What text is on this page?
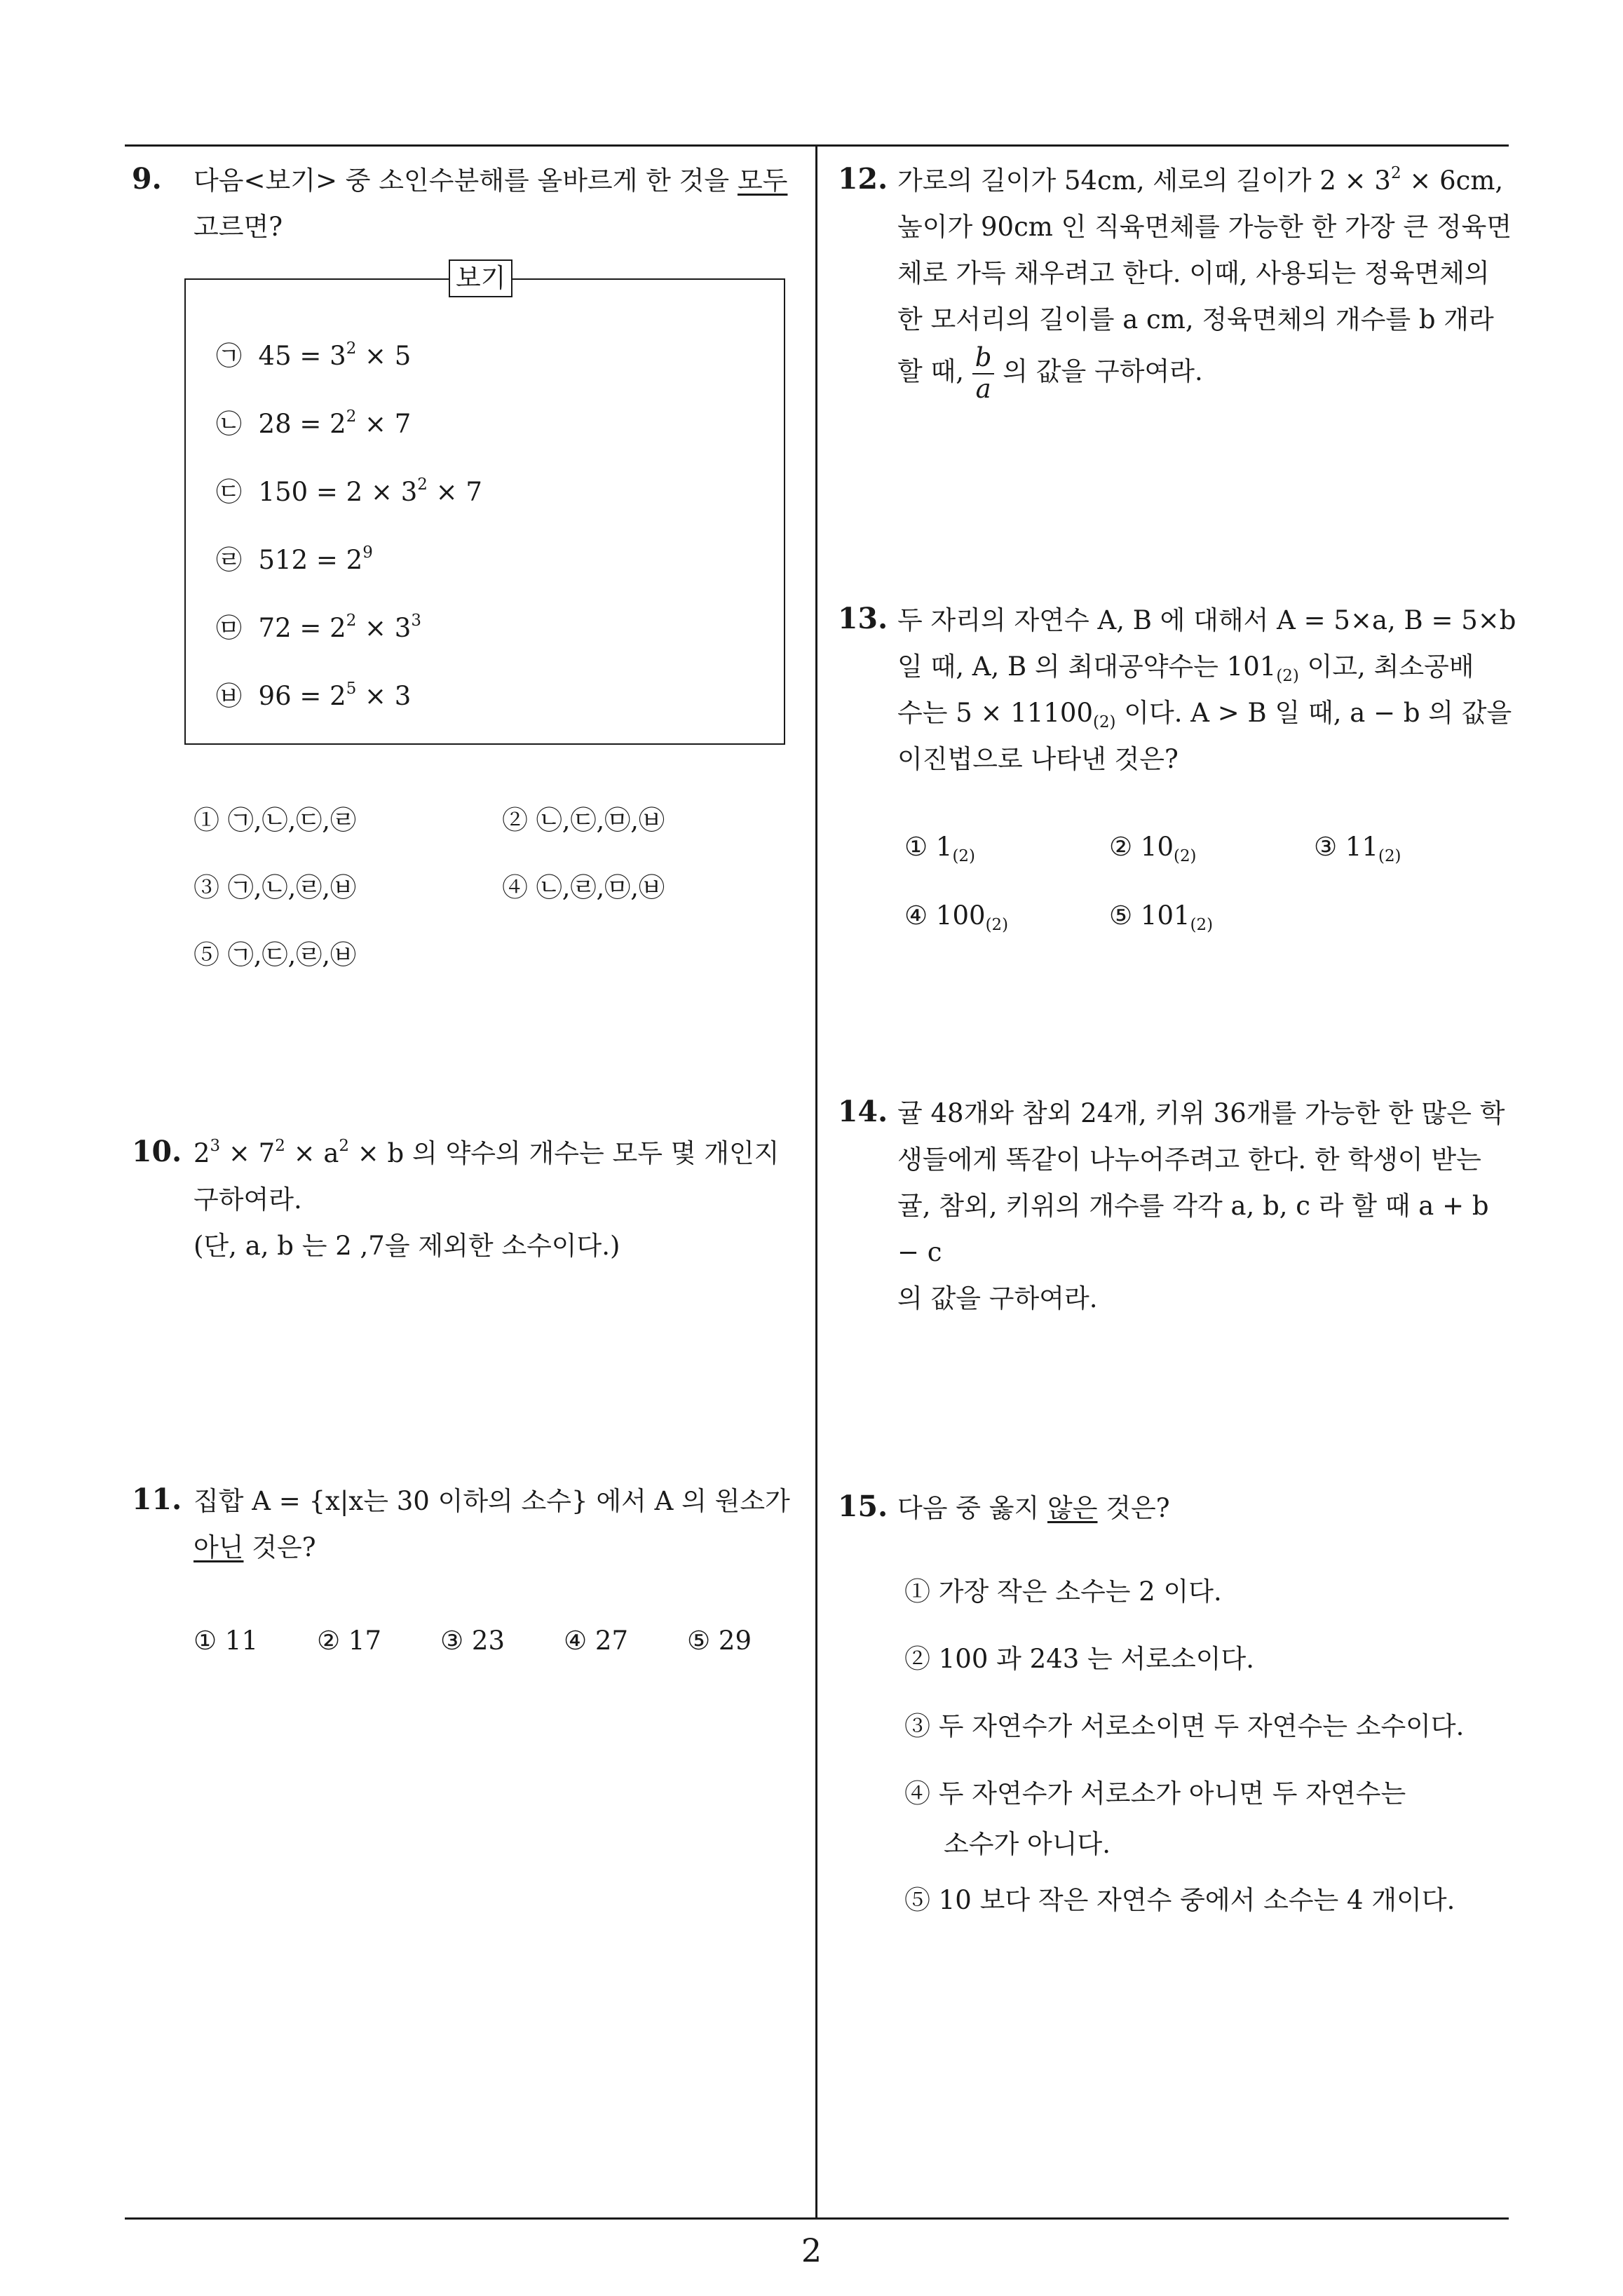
9. 다음<보기> 중 소인수분해를 올바르게 한 것을 모두

고르면?

보기
㉠ $45 = 3^2 \times 5$
㉡ $28 = 2^2 \times 7$
㉢ $150 = 2 \times 3^2 \times 7$
㉣ $512 = 2^9$
㉤ $72 = 2^2 \times 3^3$
㉥ $96 = 2^5 \times 3$
① ㉠,㉡,㉢,㉣	② ㉡,㉢,㉤,㉥
③ ㉠,㉡,㉣,㉥	④ ㉡,㉣,㉤,㉥
⑤ ㉠,㉢,㉣,㉥
10. $2^3 \times 7^2 \times a^2 \times b$ 의 약수의 개수는 모두 몇 개인지

구하여라.

(단, a, b 는 2 ,7을 제외한 소수이다.)

11. 집합 A = {x|x는 30 이하의 소수} 에서 A 의 원소가

아닌 것은?

① 11 ② 17 ③ 23 ④ 27 ⑤ 29
12. 가로의 길이가 54cm, 세로의 길이가 $2 \times 3^2 \times 6cm$,

높이가 90cm 인 직육면체를 가능한 한 가장 큰 정육면

체로 가득 채우려고 한다. 이때, 사용되는 정육면체의

한 모서리의 길이를 a cm, 정육면체의 개수를 b 개라

할 때, $\frac{b}{a}$ 의 값을 구하여라.

13. 두 자리의 자연수 A, B 에 대해서 A = 5×a, B = 5×b

일 때, A, B 의 최대공약수는 $101_{(2)}$ 이고, 최소공배

수는 $5 \times 11100_{(2)}$ 이다. A > B 일 때, a − b 의 값을

이진법으로 나타낸 것은?

① $1_{(2)}$	② $10_{(2)}$	③ $11_{(2)}$
④ $100_{(2)}$	⑤ $101_{(2)}$
14. 귤 48개와 참외 24개, 키위 36개를 가능한 한 많은 학

생들에게 똑같이 나누어주려고 한다. 한 학생이 받는

귤, 참외, 키위의 개수를 각각 a, b, c 라 할 때 a + b − c

의 값을 구하여라.

15. 다음 중 옳지 않은 것은?

① 가장 작은 소수는 2 이다.
② 100 과 243 는 서로소이다.
③ 두 자연수가 서로소이면 두 자연수는 소수이다.
④ 두 자연수가 서로소가 아니면 두 자연수는
소수가 아니다.
⑤ 10 보다 작은 자연수 중에서 소수는 4 개이다.
2
